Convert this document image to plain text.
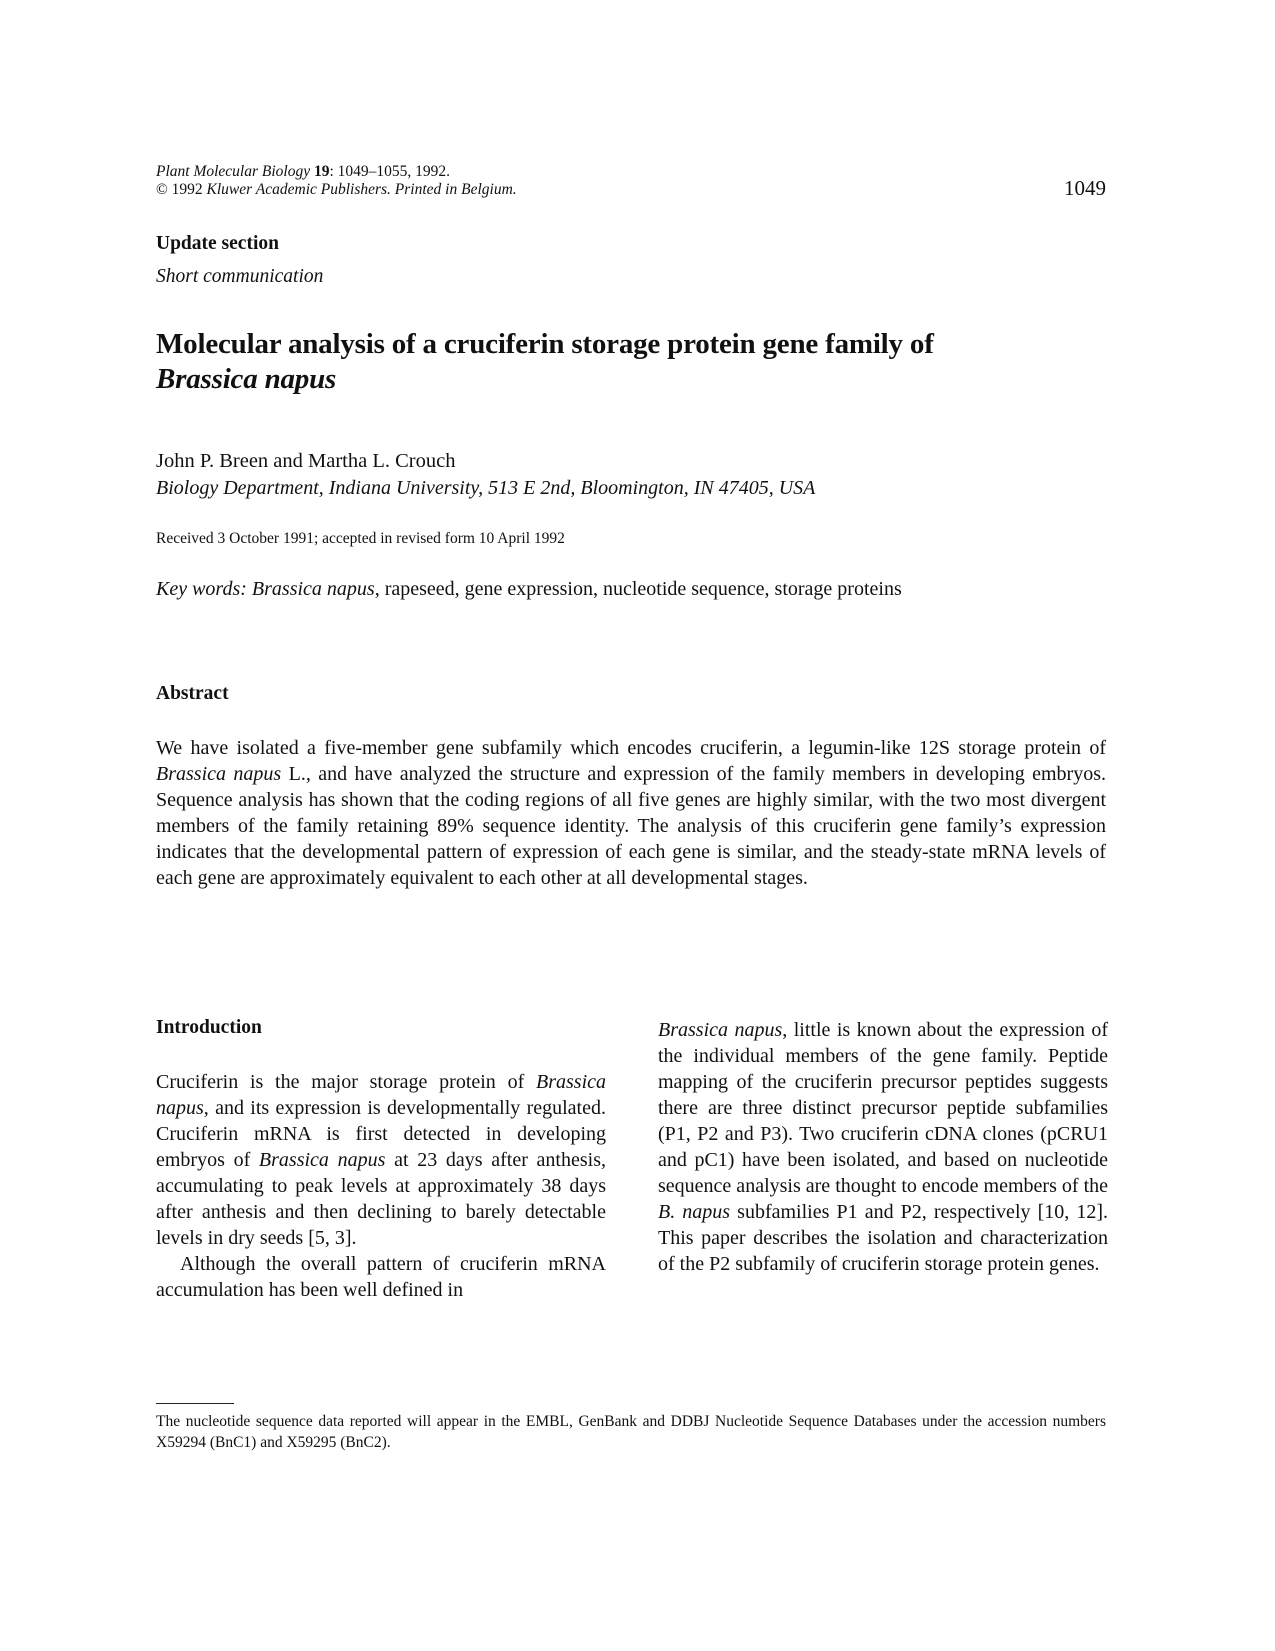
Plant Molecular Biology 19: 1049–1055, 1992.
© 1992 Kluwer Academic Publishers. Printed in Belgium.	1049
Update section
Short communication
Molecular analysis of a cruciferin storage protein gene family of
Brassica napus
John P. Breen and Martha L. Crouch
Biology Department, Indiana University, 513 E 2nd, Bloomington, IN 47405, USA
Received 3 October 1991; accepted in revised form 10 April 1992
Key words: Brassica napus, rapeseed, gene expression, nucleotide sequence, storage proteins
Abstract
We have isolated a five-member gene subfamily which encodes cruciferin, a legumin-like 12S storage protein of Brassica napus L., and have analyzed the structure and expression of the family members in developing embryos. Sequence analysis has shown that the coding regions of all five genes are highly similar, with the two most divergent members of the family retaining 89% sequence identity. The analysis of this cruciferin gene family’s expression indicates that the developmental pattern of expression of each gene is similar, and the steady-state mRNA levels of each gene are approximately equivalent to each other at all developmental stages.
Introduction

Cruciferin is the major storage protein of Brassica napus, and its expression is developmentally regulated. Cruciferin mRNA is first detected in developing embryos of Brassica napus at 23 days after anthesis, accumulating to peak levels at approximately 38 days after anthesis and then declining to barely detectable levels in dry seeds [5, 3].

Although the overall pattern of cruciferin mRNA accumulation has been well defined in

Brassica napus, little is known about the expression of the individual members of the gene family. Peptide mapping of the cruciferin precursor peptides suggests there are three distinct precursor peptide subfamilies (P1, P2 and P3). Two cruciferin cDNA clones (pCRU1 and pC1) have been isolated, and based on nucleotide sequence analysis are thought to encode members of the B. napus subfamilies P1 and P2, respectively [10, 12]. This paper describes the isolation and characterization of the P2 subfamily of cruciferin storage protein genes.

The nucleotide sequence data reported will appear in the EMBL, GenBank and DDBJ Nucleotide Sequence Databases under the accession numbers X59294 (BnC1) and X59295 (BnC2).
